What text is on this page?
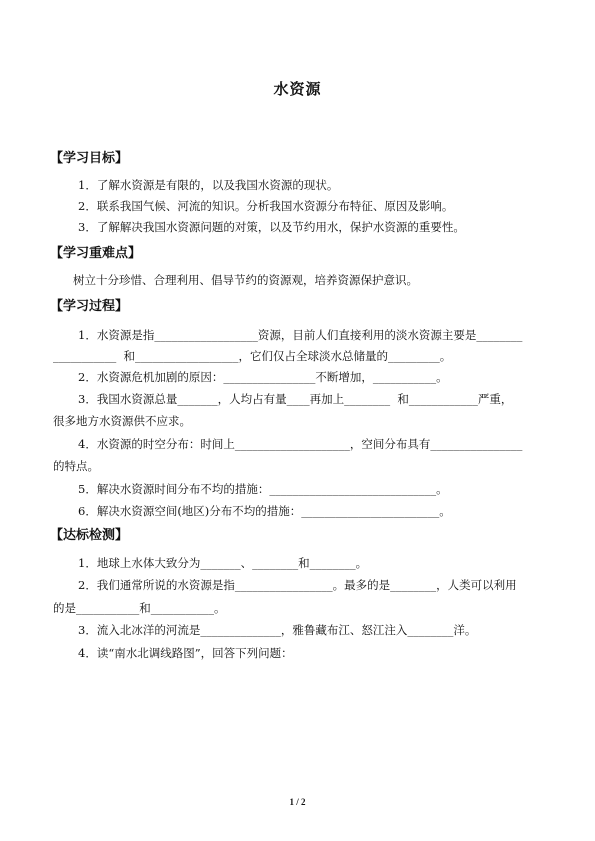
水资源
【学习目标】
1．了解水资源是有限的，以及我国水资源的现状。
2．联系我国气候、河流的知识。分析我国水资源分布特征、原因及影响。
3．了解解决我国水资源问题的对策，以及节约用水，保护水资源的重要性。
【学习重难点】
树立十分珍惜、合理利用、倡导节约的资源观，培养资源保护意识。
【学习过程】
1．水资源是指__________________资源，目前人们直接利用的淡水资源主要是________
___________  和__________________，它们仅占全球淡水总储量的_________。
2．水资源危机加剧的原因：________________不断增加，___________。
3．我国水资源总量_______，人均占有量____再加上________  和____________严重，
很多地方水资源供不应求。
4．水资源的时空分布：时间上____________________，空间分布具有________________
的特点。
5．解决水资源时间分布不均的措施：_____________________________。
6．解决水资源空间(地区)分布不均的措施：________________________。
【达标检测】
1．地球上水体大致分为_______、________和________。
2．我们通常所说的水资源是指_________________。最多的是________，人类可以利用
的是___________和___________。
3．流入北冰洋的河流是______________，雅鲁藏布江、怒江注入________洋。
4．读“南水北调线路图”，回答下列问题：
1 / 2
